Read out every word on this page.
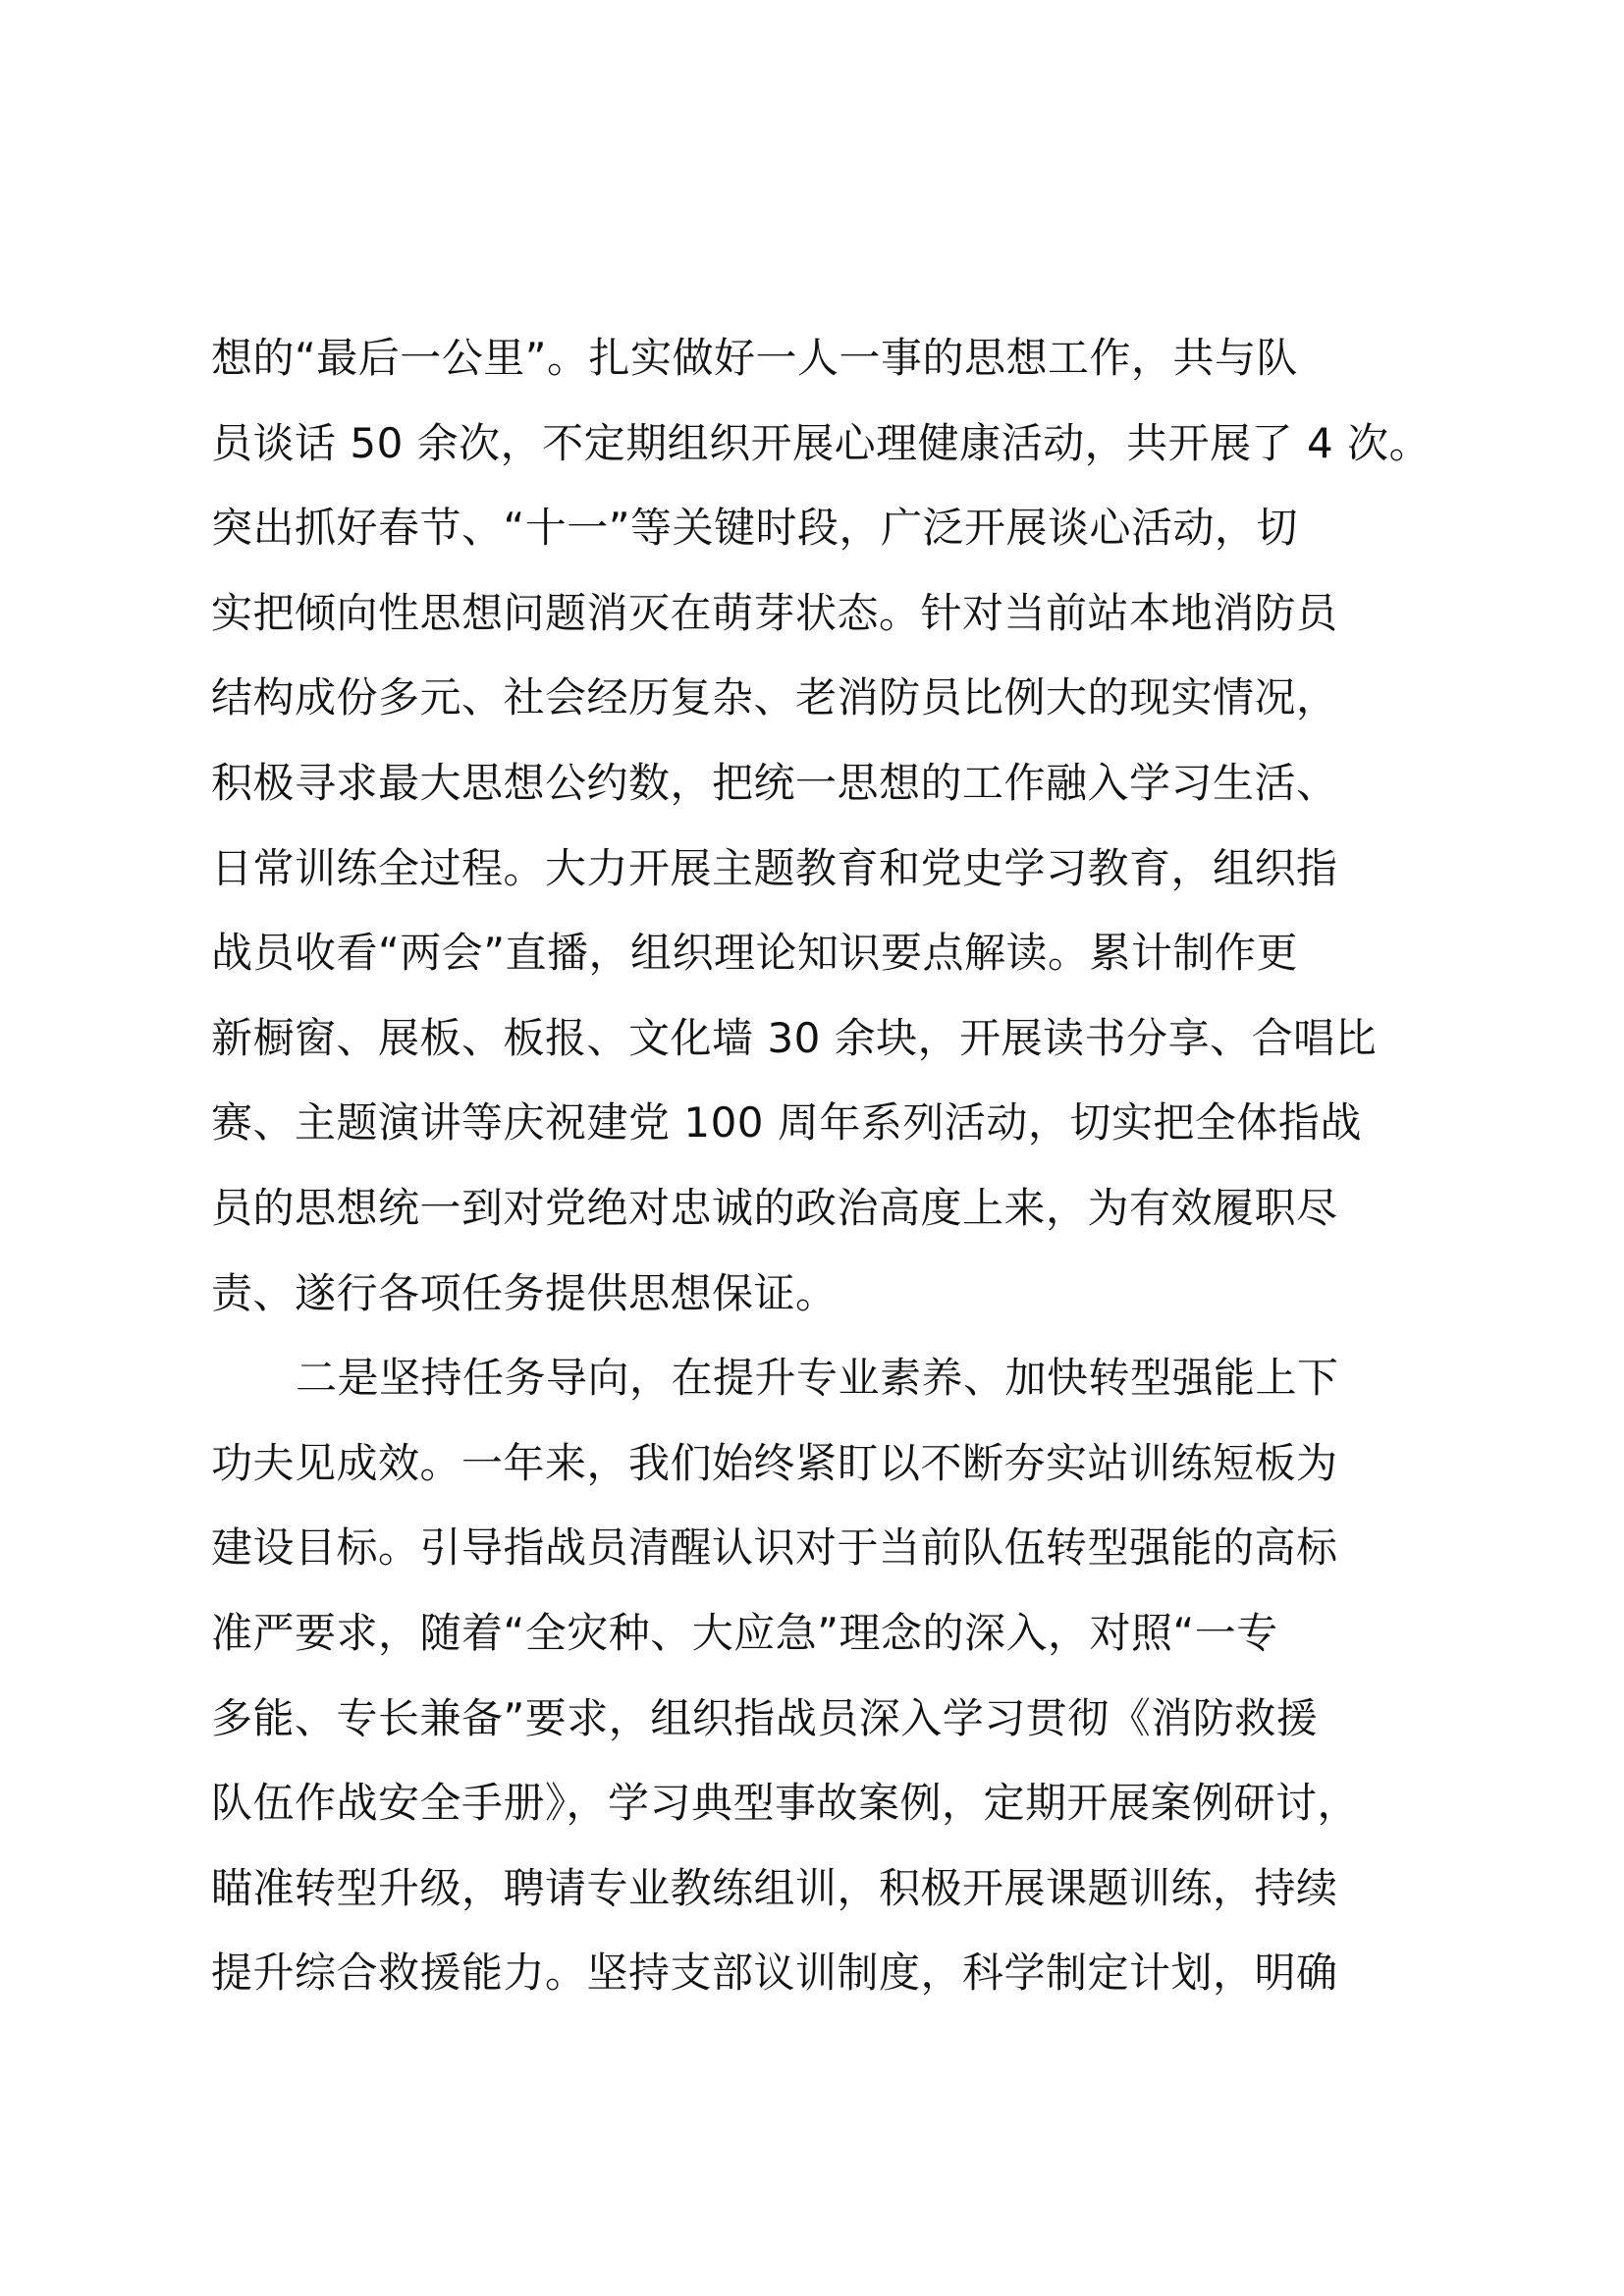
想的“最后一公里”。扎实做好一人一事的思想工作，共与队
员谈话 50 余次，不定期组织开展心理健康活动，共开展了 4 次。
突出抓好春节、“十一”等关键时段，广泛开展谈心活动，切
实把倾向性思想问题消灭在萌芽状态。针对当前站本地消防员
结构成份多元、社会经历复杂、老消防员比例大的现实情况，
积极寻求最大思想公约数，把统一思想的工作融入学习生活、
日常训练全过程。大力开展主题教育和党史学习教育，组织指
战员收看“两会”直播，组织理论知识要点解读。累计制作更
新橱窗、展板、板报、文化墙 30 余块，开展读书分享、合唱比
赛、主题演讲等庆祝建党 100 周年系列活动，切实把全体指战
员的思想统一到对党绝对忠诚的政治高度上来，为有效履职尽
责、遂行各项任务提供思想保证。
二是坚持任务导向，在提升专业素养、加快转型强能上下
功夫见成效。一年来，我们始终紧盯以不断夯实站训练短板为
建设目标。引导指战员清醒认识对于当前队伍转型强能的高标
准严要求，随着“全灾种、大应急”理念的深入，对照“一专
多能、专长兼备”要求，组织指战员深入学习贯彻《消防救援
队伍作战安全手册》，学习典型事故案例，定期开展案例研讨，
瞄准转型升级，聘请专业教练组训，积极开展课题训练，持续
提升综合救援能力。坚持支部议训制度，科学制定计划，明确
